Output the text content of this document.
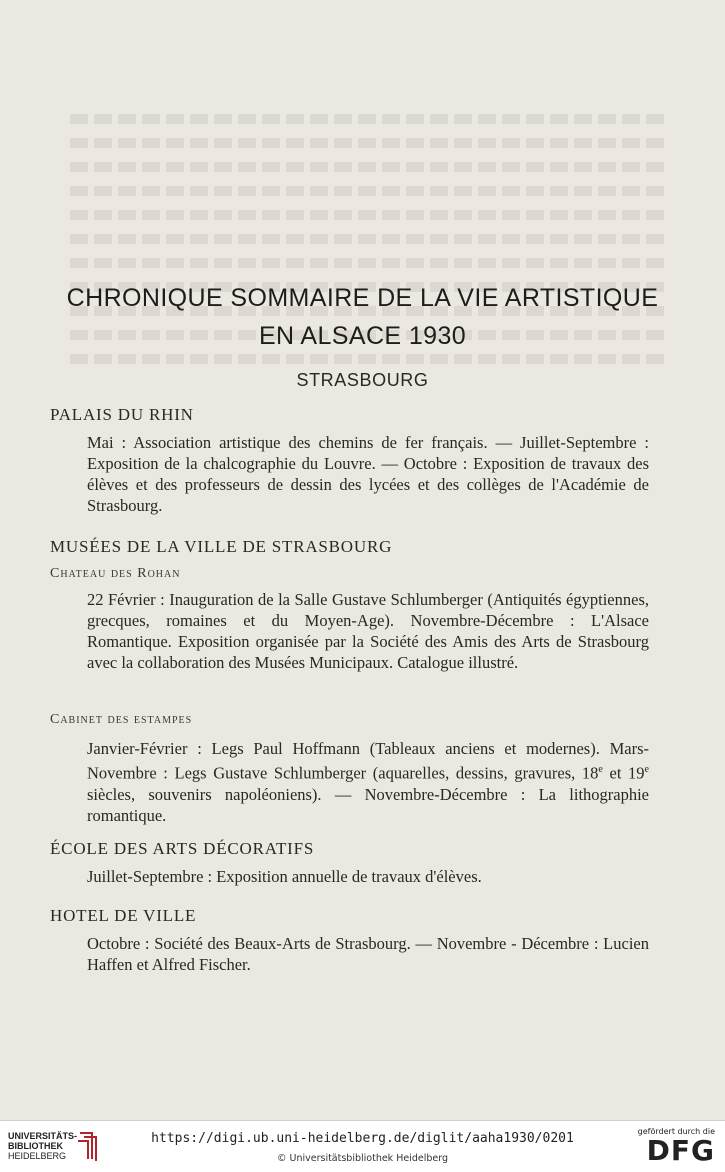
CHRONIQUE SOMMAIRE DE LA VIE ARTISTIQUE
EN ALSACE 1930
STRASBOURG
PALAIS DU RHIN

Mai : Association artistique des chemins de fer français. — Juillet-Septembre : Exposition de la chalcographie du Louvre. — Octobre : Exposition de travaux des élèves et des professeurs de dessin des lycées et des collèges de l'Académie de Strasbourg.

MUSÉES DE LA VILLE DE STRASBOURG
Chateau des Rohan

22 Février : Inauguration de la Salle Gustave Schlumberger (Antiquités égyptiennes, grecques, romaines et du Moyen-Age). Novembre-Décembre : L'Alsace Romantique. Exposition organisée par la Société des Amis des Arts de Strasbourg avec la collaboration des Musées Municipaux. Catalogue illustré.

Cabinet des estampes

Janvier-Février : Legs Paul Hoffmann (Tableaux anciens et modernes). Mars-Novembre : Legs Gustave Schlumberger (aquarelles, dessins, gravures, 18e et 19e siècles, souvenirs napoléoniens). — Novembre-Décembre : La lithographie romantique.

ÉCOLE DES ARTS DÉCORATIFS

Juillet-Septembre : Exposition annuelle de travaux d'élèves.

HOTEL DE VILLE

Octobre : Société des Beaux-Arts de Strasbourg. — Novembre - Décembre : Lucien Haffen et Alfred Fischer.

UNIVERSITÄTS-
BIBLIOTHEK
HEIDELBERG
https://digi.ub.uni-heidelberg.de/diglit/aaha1930/0201
© Universitätsbibliothek Heidelberg
gefördert durch die
DFG
